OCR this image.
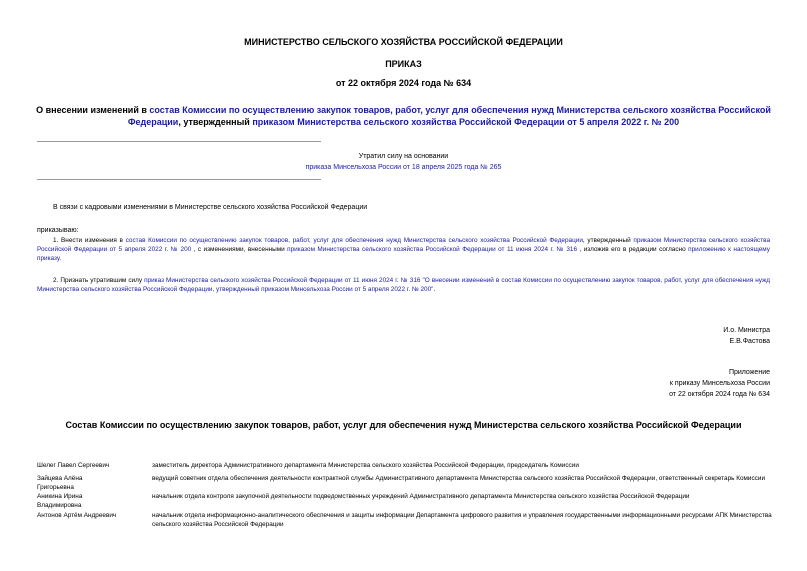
МИНИСТЕРСТВО СЕЛЬСКОГО ХОЗЯЙСТВА РОССИЙСКОЙ ФЕДЕРАЦИИ
ПРИКАЗ
от 22 октября 2024 года № 634
О внесении изменений в состав Комиссии по осуществлению закупок товаров, работ, услуг для обеспечения нужд Министерства сельского хозяйства Российской Федерации, утвержденный приказом Министерства сельского хозяйства Российской Федерации от 5 апреля 2022 г. № 200
Утратил силу на основании
приказа Минсельхоза России от 18 апреля 2025 года № 265
В связи с кадровыми изменениями в Министерстве сельского хозяйства Российской Федерации
приказываю:
1. Внести изменения в состав Комиссии по осуществлению закупок товаров, работ, услуг для обеспечения нужд Министерства сельского хозяйства Российской Федерации, утвержденный приказом Министерства сельского хозяйства Российской Федерации от 5 апреля 2022 г. № 200 , с изменениями, внесенными приказом Министерства сельского хозяйства Российской Федерации от 11 июня 2024 г. № 316 , изложив его в редакции согласно приложению к настоящему приказу.
2. Признать утратившим силу приказ Министерства сельского хозяйства Российской Федерации от 11 июня 2024 г. № 316 "О внесении изменений в состав Комиссии по осуществлению закупок товаров, работ, услуг для обеспечения нужд Министерства сельского хозяйства Российской Федерации, утвержденный приказом Минсельхоза России от 5 апреля 2022 г. № 200".
И.о. Министра
Е.В.Фастова
Приложение
к приказу Минсельхоза России
от 22 октября 2024 года № 634
Состав Комиссии по осуществлению закупок товаров, работ, услуг для обеспечения нужд Министерства сельского хозяйства Российской Федерации
Шелег Павел Сергеевич	заместитель директора Административного департамента Министерства сельского хозяйства Российской Федерации, председатель Комиссии
Зайцева Алёна Григорьевна
ведущий советник отдела обеспечения деятельности контрактной службы Административного департамента Министерства сельского хозяйства Российской Федерации, ответственный секретарь Комиссии
Аникина Ирина Владимировна
начальник отдела контроля закупочной деятельности подведомственных учреждений Административного департамента Министерства сельского хозяйства Российской Федерации
Антонов Артём Андреевич	начальник отдела информационно-аналитического обеспечения и защиты информации Департамента цифрового развития и управления государственными информационными ресурсами АПК Министерства сельского хозяйства Российской Федерации
